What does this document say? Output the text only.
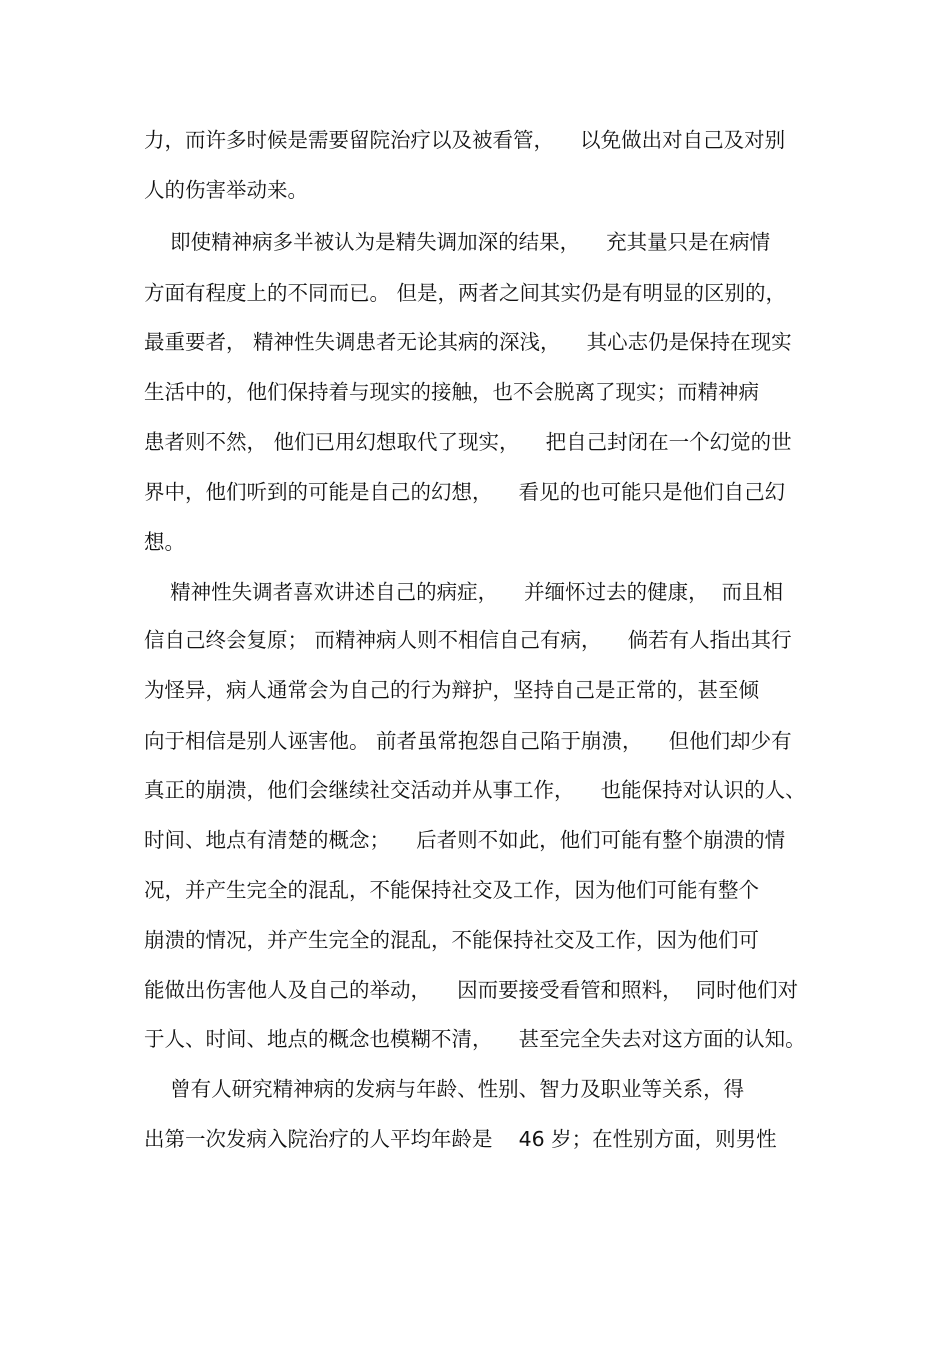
力，而许多时候是需要留院治疗以及被看管，    以免做出对自己及对别
人的伤害举动来。
即使精神病多半被认为是精失调加深的结果，    充其量只是在病情
方面有程度上的不同而已。 但是，两者之间其实仍是有明显的区别的，
最重要者， 精神性失调患者无论其病的深浅，    其心志仍是保持在现实
生活中的，他们保持着与现实的接触，也不会脱离了现实；而精神病
患者则不然， 他们已用幻想取代了现实，    把自己封闭在一个幻觉的世
界中，他们听到的可能是自己的幻想，    看见的也可能只是他们自己幻
想。
精神性失调者喜欢讲述自己的病症，    并缅怀过去的健康，  而且相
信自己终会复原； 而精神病人则不相信自己有病，    倘若有人指出其行
为怪异，病人通常会为自己的行为辩护，坚持自己是正常的，甚至倾
向于相信是别人诬害他。 前者虽常抱怨自己陷于崩溃，    但他们却少有
真正的崩溃，他们会继续社交活动并从事工作，    也能保持对认识的人、
时间、地点有清楚的概念；    后者则不如此，他们可能有整个崩溃的情
况，并产生完全的混乱，不能保持社交及工作，因为他们可能有整个
崩溃的情况，并产生完全的混乱，不能保持社交及工作，因为他们可
能做出伤害他人及自己的举动，    因而要接受看管和照料，  同时他们对
于人、时间、地点的概念也模糊不清，    甚至完全失去对这方面的认知。
曾有人研究精神病的发病与年龄、性别、智力及职业等关系，得
出第一次发病入院治疗的人平均年龄是    46 岁；在性别方面，则男性
